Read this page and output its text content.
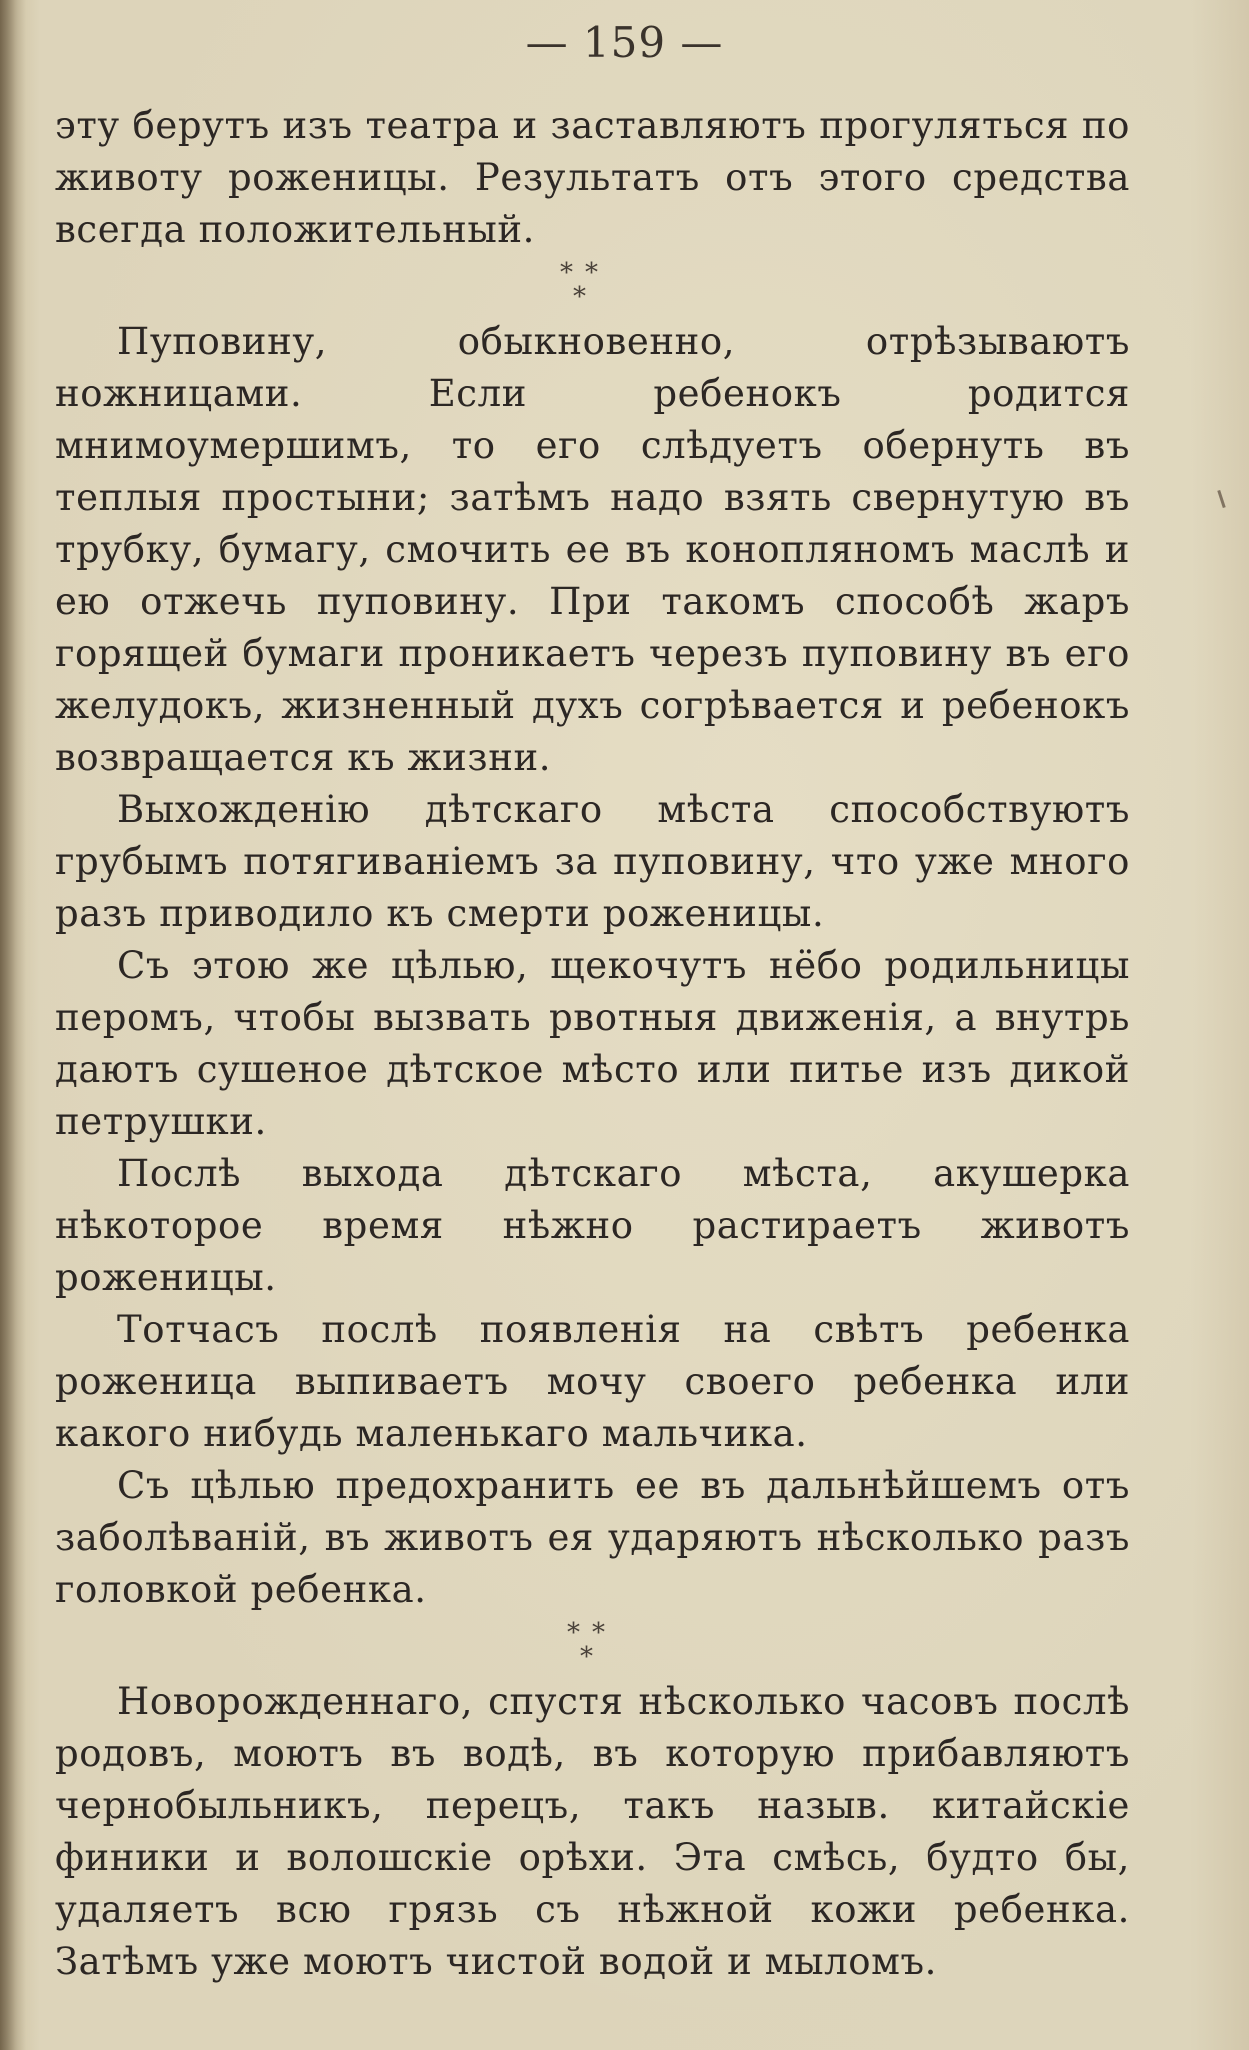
— 159 —

эту берутъ изъ театра и заставляютъ прогуляться по животу роженицы. Результатъ отъ этого средства всегда положительный.

* *
*

Пуповину, обыкновенно, отрѣзываютъ ножницами. Если ребенокъ родится мнимоумершимъ, то его слѣдуетъ обернуть въ теплыя простыни; затѣмъ надо взять свернутую въ трубку, бумагу, смочить ее въ конопляномъ маслѣ и ею отжечь пуповину. При такомъ способѣ жаръ горящей бумаги проникаетъ черезъ пуповину въ его желудокъ, жизненный духъ согрѣвается и ребенокъ возвращается къ жизни.

Выхожденію дѣтскаго мѣста способствуютъ грубымъ потягиваніемъ за пуповину, что уже много разъ приводило къ смерти роженицы.

Съ этою же цѣлью, щекочутъ нёбо родильницы перомъ, чтобы вызвать рвотныя движенія, а внутрь даютъ сушеное дѣтское мѣсто или питье изъ дикой петрушки.

Послѣ выхода дѣтскаго мѣста, акушерка нѣкоторое время нѣжно растираетъ животъ роженицы.

Тотчасъ послѣ появленія на свѣтъ ребенка роженица выпиваетъ мочу своего ребенка или какого нибудь маленькаго мальчика.

Съ цѣлью предохранить ее въ дальнѣйшемъ отъ заболѣваній, въ животъ ея ударяютъ нѣсколько разъ головкой ребенка.

* *
*

Новорожденнаго, спустя нѣсколько часовъ послѣ родовъ, моютъ въ водѣ, въ которую прибавляютъ чернобыльникъ, перецъ, такъ назыв. китайскіе финики и волошскіе орѣхи. Эта смѣсь, будто бы, удаляетъ всю грязь съ нѣжной кожи ребенка. Затѣмъ уже моютъ чистой водой и мыломъ.
